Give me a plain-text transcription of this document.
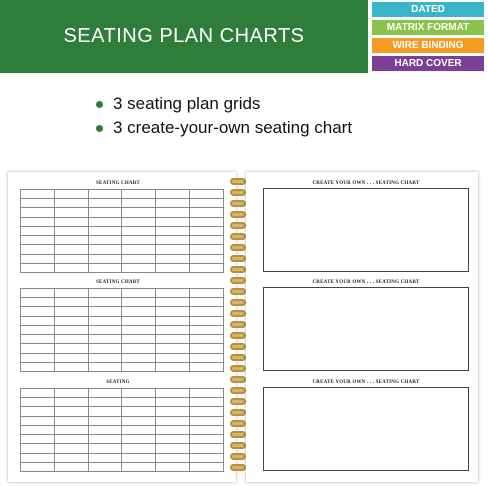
SEATING PLAN CHARTS
DATED
MATRIX FORMAT
WIRE BINDING
HARD COVER
3 seating plan grids
3 create-your-own seating chart
SEATING CHART

SEATING CHART

SEATING

CREATE YOUR OWN . . . SEATING CHART
CREATE YOUR OWN . . . SEATING CHART
CREATE YOUR OWN . . . SEATING CHART
